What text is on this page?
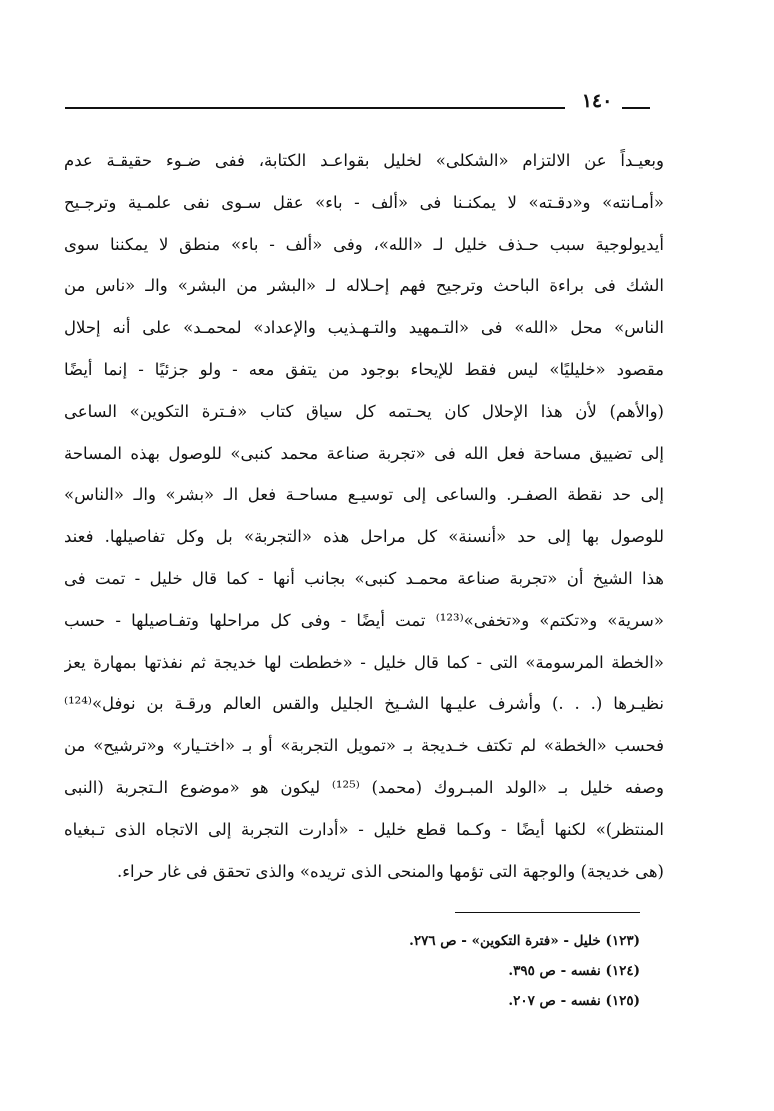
١٤٠
وبعيـداً عن الالتزام «الشكلى» لخليل بقواعـد الكتابة، ففى ضـوء حقيقـة عدم
«أمـانته» و«دقـته» لا يمكنـنا فى «ألف - باء» عقل سـوى نفى علمـية وترجـيح
أيديولوجية سبب حـذف خليل لـ «الله»، وفى «ألف - باء» منطق لا يمكننا سوى
الشك فى براءة الباحث وترجيح فهم إحـلاله لـ «البشر من البشر» والـ «ناس من
الناس» محل «الله» فى «التـمهيد والتـهـذيب والإعداد» لمحمـد» على أنه إحلال
مقصود «خليليًا» ليس فقط للإيحاء بوجود من يتفق معه - ولو جزئيًا - إنما أيضًا
(والأهم) لأن هذا الإحلال كان يحـتمه كل سياق كتاب «فـترة التكوين» الساعى
إلى تضييق مساحة فعل الله فى «تجربة صناعة محمد كنبى» للوصول بهذه المساحة
إلى حد نقطة الصفـر. والساعى إلى توسيـع مساحـة فعل الـ «بشر» والـ «الناس»
للوصول بها إلى حد «أنسنة» كل مراحل هذه «التجربة» بل وكل تفاصيلها. فعند
هذا الشيخ أن «تجربة صناعة محمـد كنبى» بجانب أنها - كما قال خليل - تمت فى
«سرية» و«تكتم» و«تخفى»⁽¹²³⁾ تمت أيضًا - وفى كل مراحلها وتفـاصيلها - حسب
«الخطة المرسومة» التى - كما قال خليل - «خططت لها خديجة ثم نفذتها بمهارة يعز
نظيـرها (. . .) وأشرف عليـها الشـيخ الجليل والقس العالم ورقـة بن نوفل»⁽¹²⁴⁾
فحسب «الخطة» لم تكتف خـديجة بـ «تمويل التجربة» أو بـ «اختـيار» و«ترشيح» من
وصفه خليل بـ «الولد المبـروك (محمد) ⁽¹²⁵⁾ ليكون هو «موضوع الـتجربة (النبى
المنتظر)» لكنها أيضًا - وكـما قطع خليل - «أدارت التجربة إلى الاتجاه الذى تـبغياه
(هى خديجة) والوجهة التى تؤمها والمنحى الذى تريده» والذى تحقق فى غار حراء.
(١٢٣) خليل - «فترة التكوين» - ص ٢٧٦.
(١٢٤) نفسه - ص ٣٩٥.
(١٢٥) نفسه - ص ٢٠٧.
